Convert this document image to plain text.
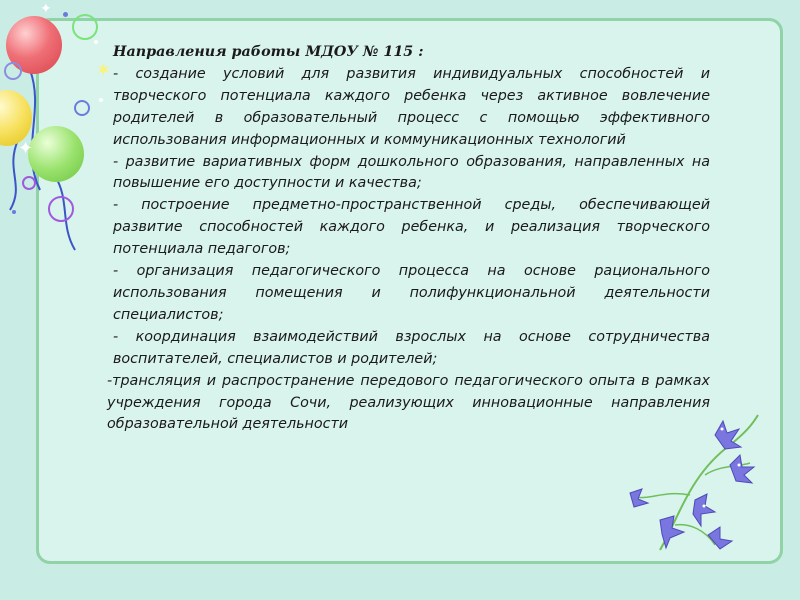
✶
✦
✦
Направления работы МДОУ № 115 :
- создание условий для развития индивидуальных способностей и творческого потенциала каждого ребенка через активное вовлечение родителей в образовательный процесс с помощью эффективного использования информационных и коммуникационных технологий
- развитие вариативных форм дошкольного образования, направленных на повышение его доступности и качества;
- построение предметно-пространственной среды, обеспечивающей развитие способностей каждого ребенка, и реализация творческого потенциала педагогов;
- организация педагогического процесса на основе рационального использования помещения и полифункциональной деятельности специалистов;
- координация взаимодействий взрослых на основе сотрудничества воспитателей, специалистов и родителей;
-трансляция и распространение передового педагогического опыта в рамках учреждения города Сочи, реализующих инновационные направления образовательной деятельности
